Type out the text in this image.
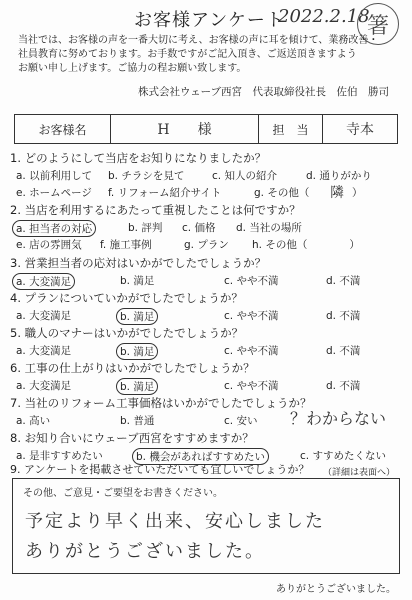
お客様アンケート
2022.2.18
箸
当社では、お客様の声を一番大切に考え、お客様の声に耳を傾けて、業務改善・
社員教育に努めております。お手数ですがご記入頂き、ご返送頂きますよう
お願い申し上げます。ご協力の程お願い致します。
株式会社ウェーブ西宮　代表取締役社長　佐伯　勝司
お客様名	H　　様	担　当	寺本
1. どのようにして当店をお知りになりましたか？
a. 以前利用して b. チラシを見て	c. 知人の紹介	d. 通りがかり
e. ホームページ f. リフォーム紹介サイト	g. その他（ 隣 ）
2. 当店を利用するにあたって重視したことは何ですか？
a. 担当者の対応	b. 評判 c. 価格 d. 当社の場所
e. 店の雰囲気 f. 施工事例	g. プラン h. その他（　　　　）
3. 営業担当者の応対はいかがでしたでしょうか？
a. 大変満足	b. 満足	c. やや不満	d. 不満
4. プランについていかがでしたでしょうか？
a. 大変満足	b. 満足	c. やや不満	d. 不満
5. 職人のマナーはいかがでしたでしょうか？
a. 大変満足	b. 満足	c. やや不満	d. 不満
6. 工事の仕上がりはいかがでしたでしょうか？
a. 大変満足	b. 満足	c. やや不満	d. 不満
7. 当社のリフォーム工事価格はいかがでしたでしょうか？
a. 高い	b. 普通	c. 安い ？わからない
8. お知り合いにウェーブ西宮をすすめますか？
a. 是非すすめたい	b. 機会があればすすめたい	c. すすめたくない
9. アンケートを掲載させていただいても宜しいでしょうか？ （詳細は表面へ）
その他、ご意見・ご要望をお書きください。
予定より早く出来、安心しました
ありがとうございました。
ありがとうございました。
